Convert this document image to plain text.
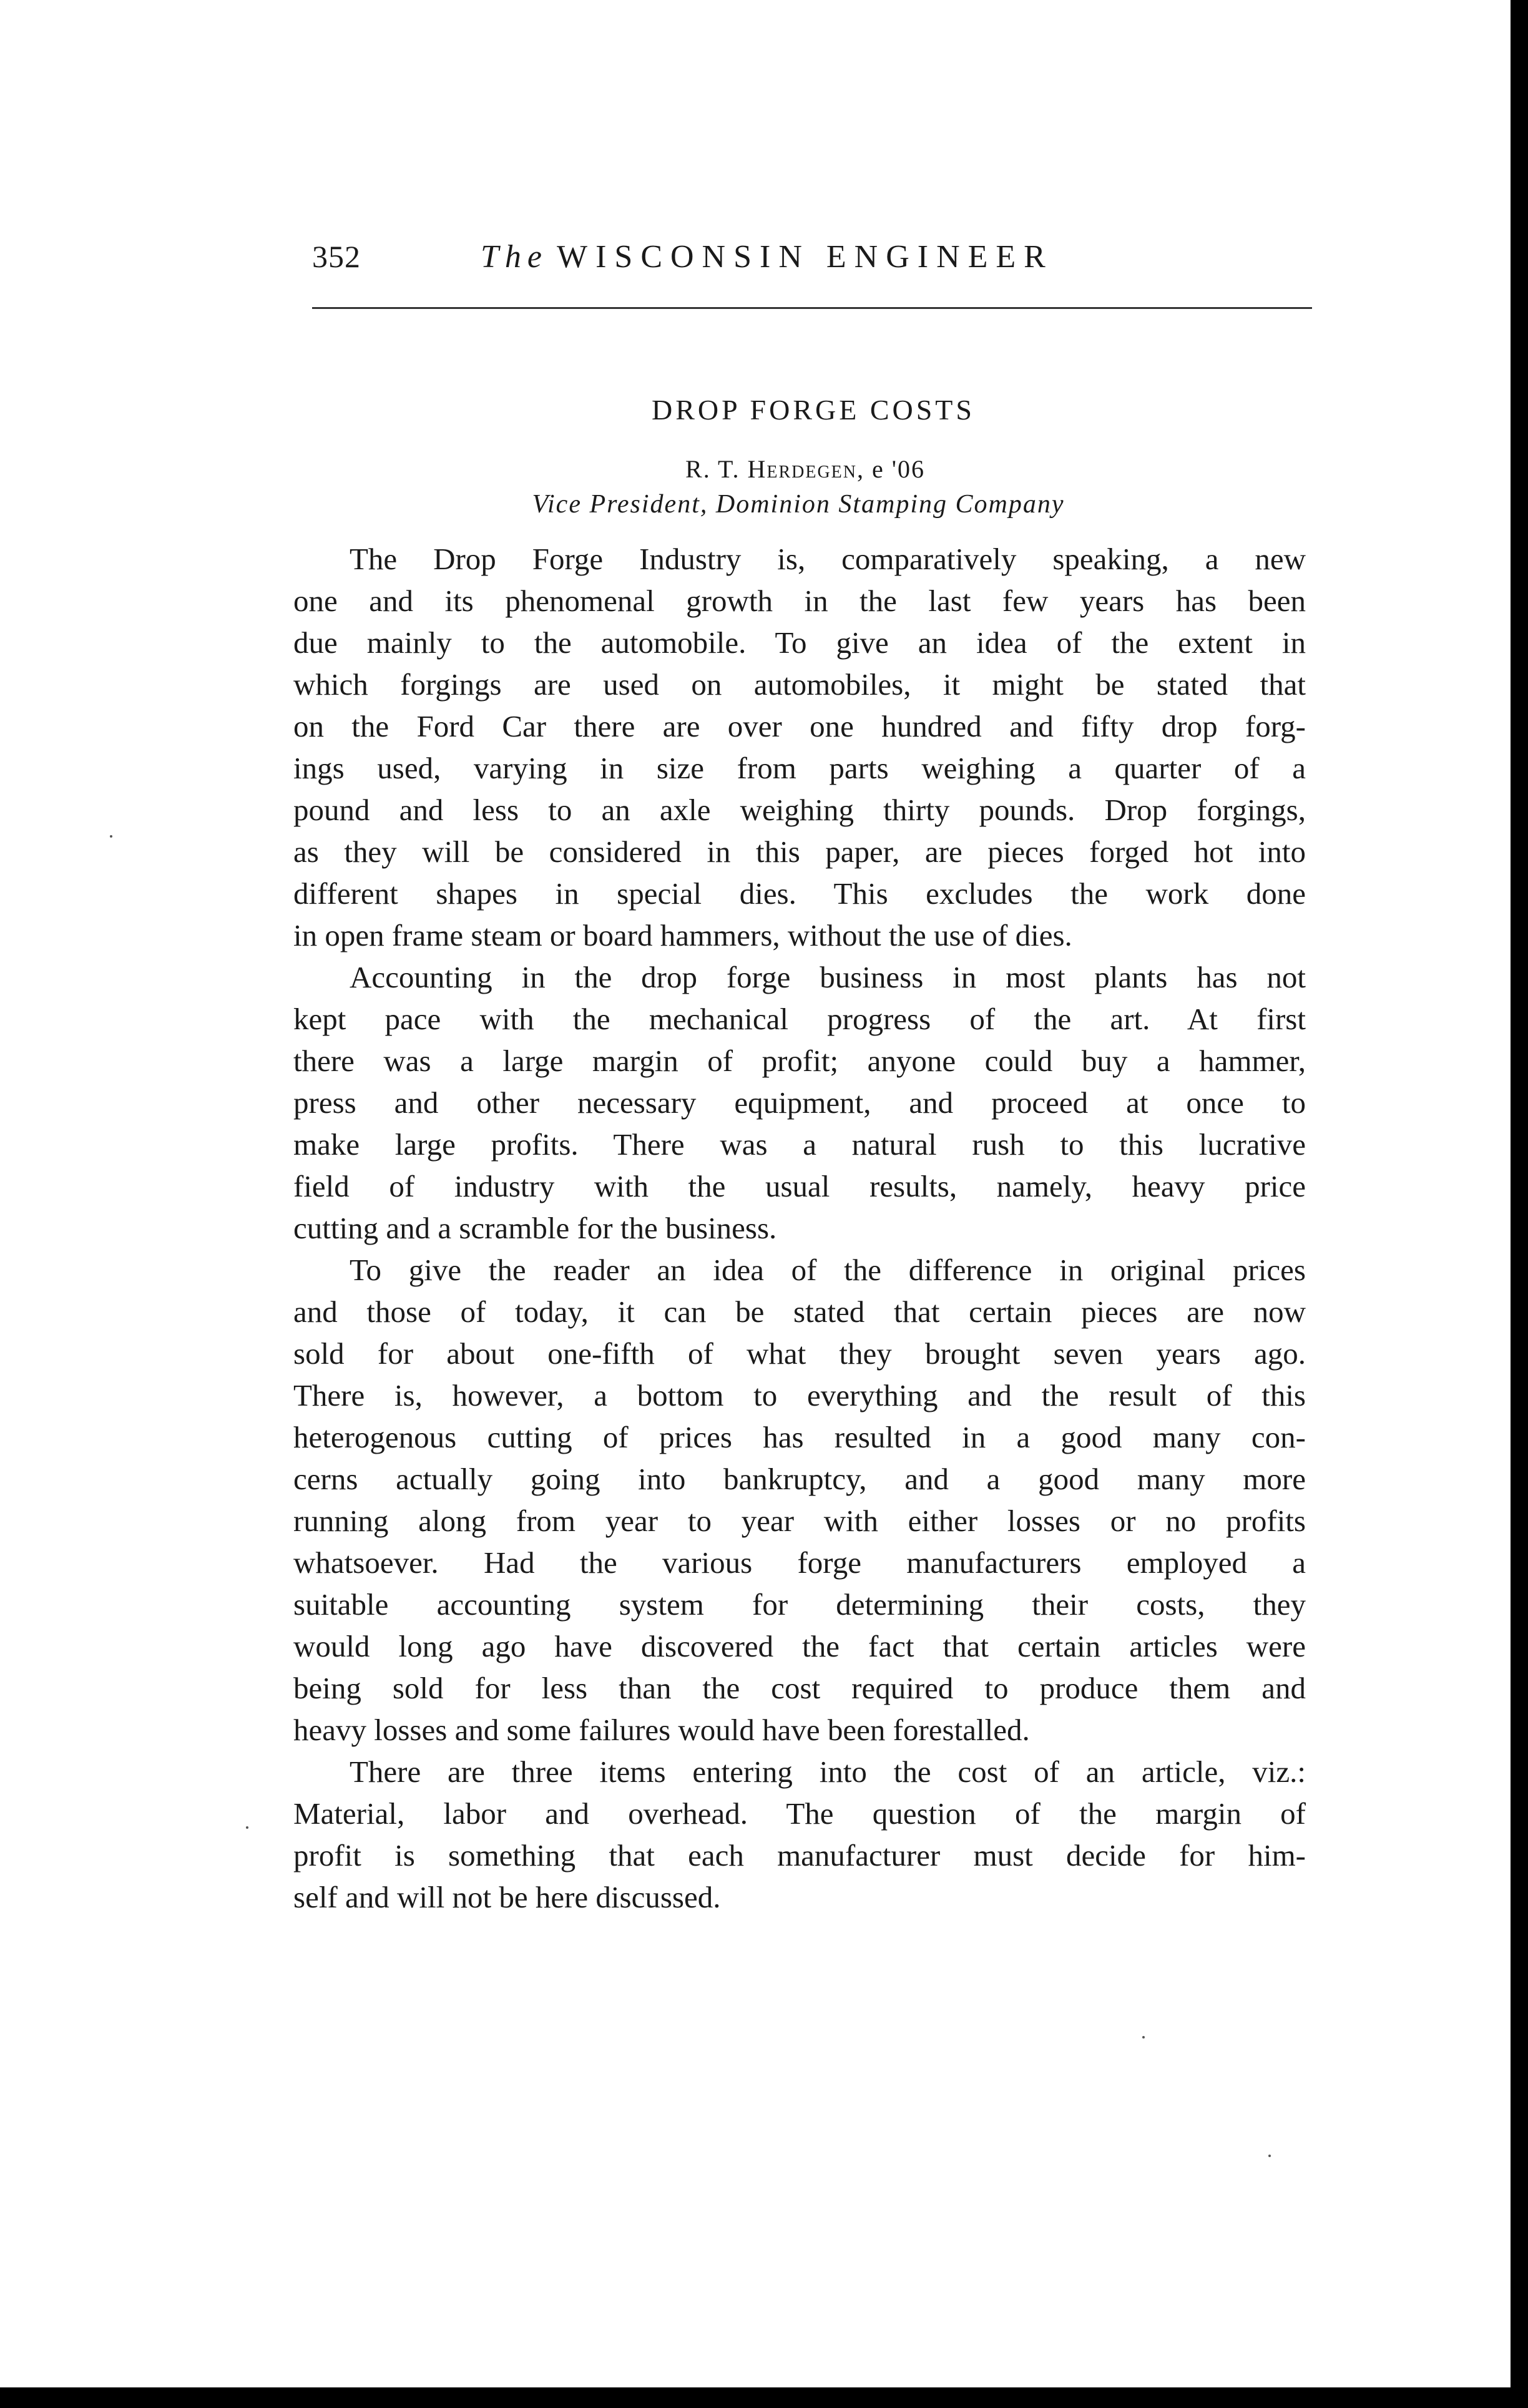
352	The WISCONSIN ENGINEER
DROP FORGE COSTS
R. T. Herdegen, e '06
Vice President, Dominion Stamping Company
The Drop Forge Industry is, comparatively speaking, a new
one and its phenomenal growth in the last few years has been
due mainly to the automobile. To give an idea of the extent in
which forgings are used on automobiles, it might be stated that
on the Ford Car there are over one hundred and fifty drop forg-
ings used, varying in size from parts weighing a quarter of a
pound and less to an axle weighing thirty pounds. Drop forgings,
as they will be considered in this paper, are pieces forged hot into
different shapes in special dies. This excludes the work done
in open frame steam or board hammers, without the use of dies.
Accounting in the drop forge business in most plants has not
kept pace with the mechanical progress of the art. At first
there was a large margin of profit; anyone could buy a hammer,
press and other necessary equipment, and proceed at once to
make large profits. There was a natural rush to this lucrative
field of industry with the usual results, namely, heavy price
cutting and a scramble for the business.
To give the reader an idea of the difference in original prices
and those of today, it can be stated that certain pieces are now
sold for about one-fifth of what they brought seven years ago.
There is, however, a bottom to everything and the result of this
heterogenous cutting of prices has resulted in a good many con-
cerns actually going into bankruptcy, and a good many more
running along from year to year with either losses or no profits
whatsoever. Had the various forge manufacturers employed a
suitable accounting system for determining their costs, they
would long ago have discovered the fact that certain articles were
being sold for less than the cost required to produce them and
heavy losses and some failures would have been forestalled.
There are three items entering into the cost of an article, viz.:
Material, labor and overhead. The question of the margin of
profit is something that each manufacturer must decide for him-
self and will not be here discussed.
